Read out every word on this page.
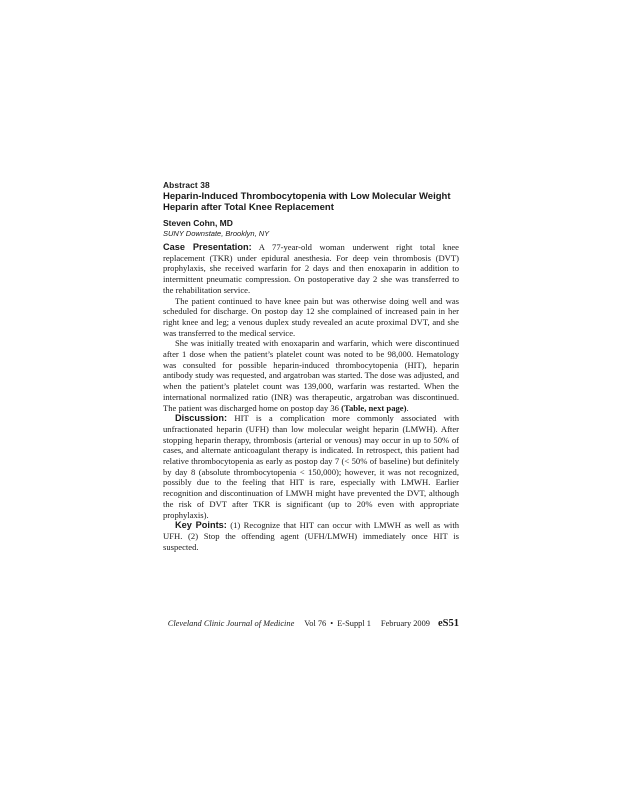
Abstract 38
Heparin-Induced Thrombocytopenia with Low Molecular Weight Heparin after Total Knee Replacement
Steven Cohn, MD
SUNY Downstate, Brooklyn, NY

Case Presentation: A 77-year-old woman underwent right total knee replacement (TKR) under epidural anesthesia. For deep vein thrombosis (DVT) prophylaxis, she received warfarin for 2 days and then enoxaparin in addition to intermittent pneumatic compression. On postoperative day 2 she was transferred to the rehabilitation service.

The patient continued to have knee pain but was otherwise doing well and was scheduled for discharge. On postop day 12 she complained of increased pain in her right knee and leg; a venous duplex study revealed an acute proximal DVT, and she was transferred to the medical service.

She was initially treated with enoxaparin and warfarin, which were discontinued after 1 dose when the patient’s platelet count was noted to be 98,000. Hematology was consulted for possible heparin-induced thrombocytopenia (HIT), heparin antibody study was requested, and argatroban was started. The dose was adjusted, and when the patient’s platelet count was 139,000, warfarin was restarted. When the international normalized ratio (INR) was therapeutic, argatroban was discontinued. The patient was discharged home on postop day 36 (Table, next page).

Discussion: HIT is a complication more commonly associated with unfractionated heparin (UFH) than low molecular weight heparin (LMWH). After stopping heparin therapy, thrombosis (arterial or venous) may occur in up to 50% of cases, and alternate anticoagulant therapy is indicated. In retrospect, this patient had relative thrombocytopenia as early as postop day 7 (< 50% of baseline) but definitely by day 8 (absolute thrombocytopenia < 150,000); however, it was not recognized, possibly due to the feeling that HIT is rare, especially with LMWH. Earlier recognition and discontinuation of LMWH might have prevented the DVT, although the risk of DVT after TKR is significant (up to 20% even with appropriate prophylaxis).

Key Points: (1) Recognize that HIT can occur with LMWH as well as with UFH. (2) Stop the offending agent (UFH/LMWH) immediately once HIT is suspected.

Cleveland Clinic Journal of Medicine Vol 76 • E-Suppl 1 February 2009 eS51
